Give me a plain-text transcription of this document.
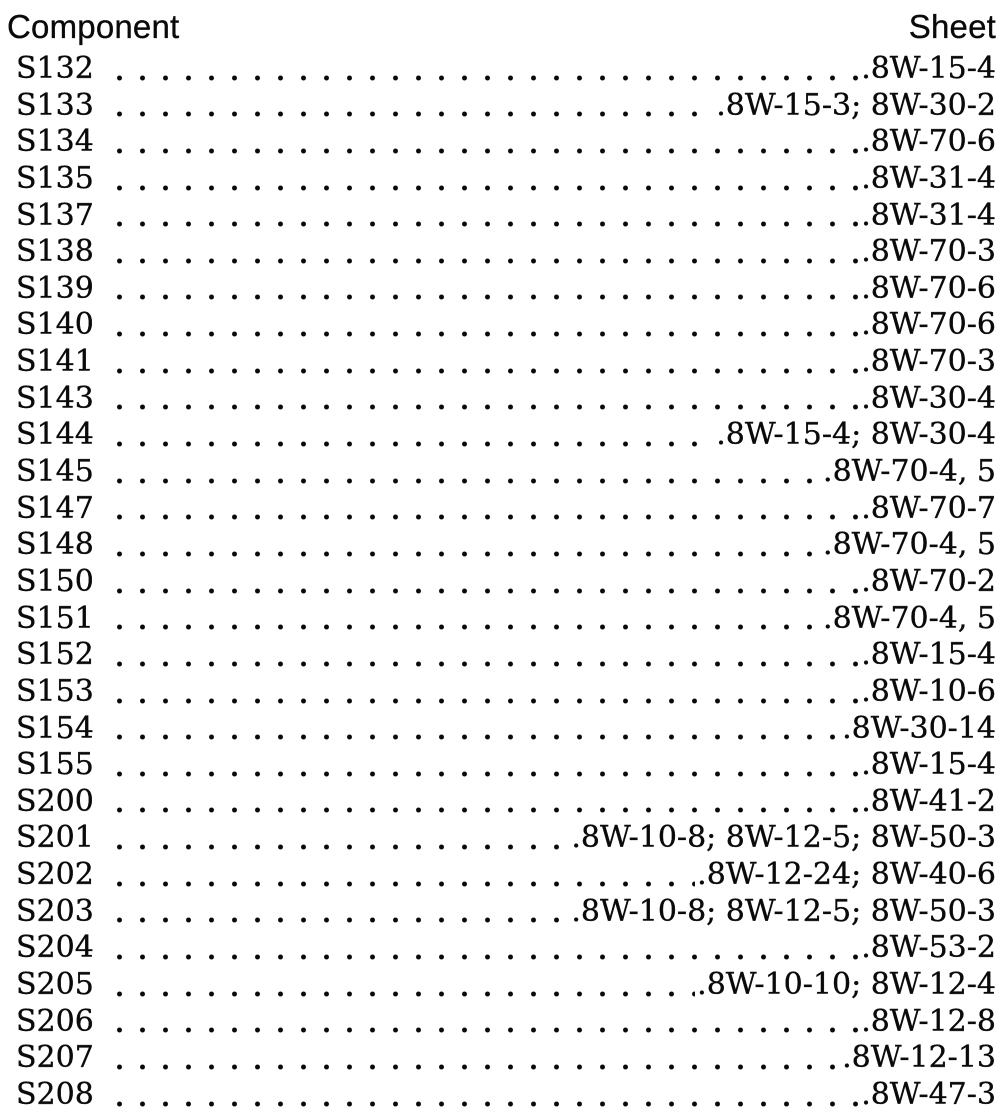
Component	Sheet
S132	.8W-15-4
S133	.8W-15-3; 8W-30-2
S134	.8W-70-6
S135	.8W-31-4
S137	.8W-31-4
S138	.8W-70-3
S139	.8W-70-6
S140	.8W-70-6
S141	.8W-70-3
S143	.8W-30-4
S144	.8W-15-4; 8W-30-4
S145	.8W-70-4, 5
S147	.8W-70-7
S148	.8W-70-4, 5
S150	.8W-70-2
S151	.8W-70-4, 5
S152	.8W-15-4
S153	.8W-10-6
S154	.8W-30-14
S155	.8W-15-4
S200	.8W-41-2
S201	.8W-10-8; 8W-12-5; 8W-50-3
S202	.8W-12-24; 8W-40-6
S203	.8W-10-8; 8W-12-5; 8W-50-3
S204	.8W-53-2
S205	.8W-10-10; 8W-12-4
S206	.8W-12-8
S207	.8W-12-13
S208	.8W-47-3
